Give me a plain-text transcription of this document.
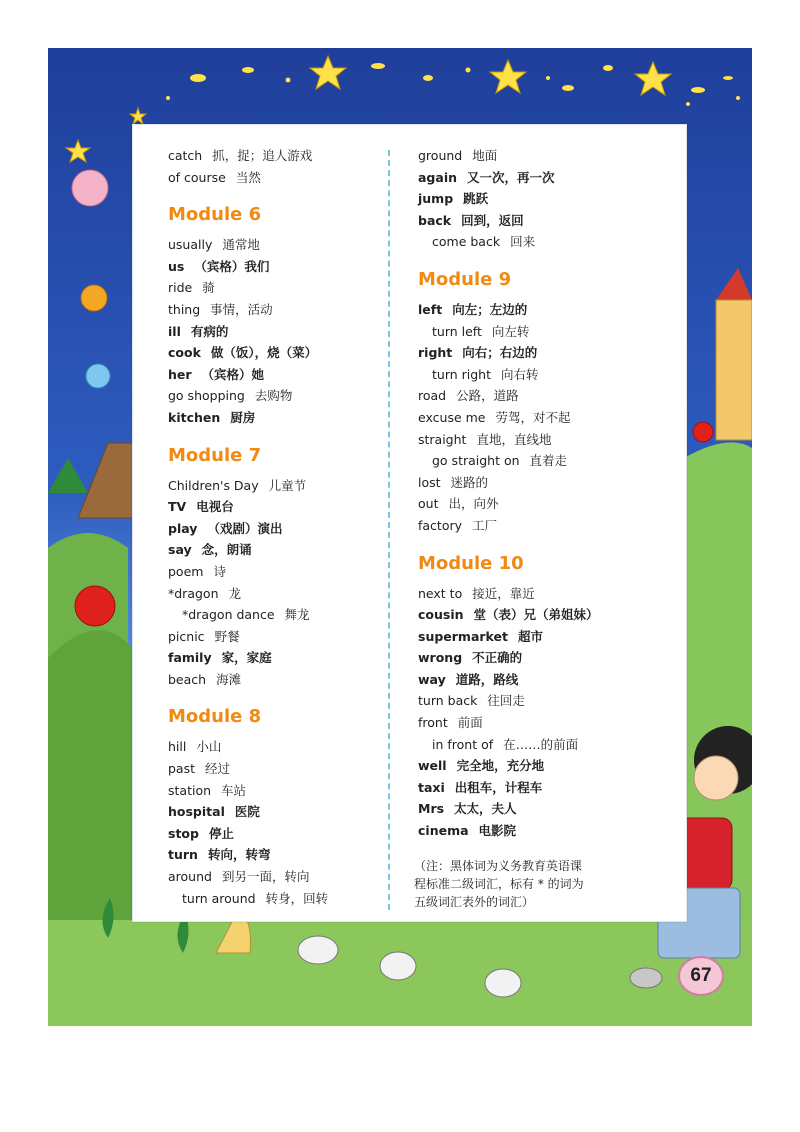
catch 抓，捉；追人游戏
of course 当然
Module 6
usually 通常地
us （宾格）我们
ride 骑
thing 事情，活动
ill 有病的
cook 做（饭），烧（菜）
her （宾格）她
go shopping 去购物
kitchen 厨房
Module 7
Children's Day 儿童节
TV 电视台
play （戏剧）演出
say 念，朗诵
poem 诗
*dragon 龙
*dragon dance 舞龙
picnic 野餐
family 家，家庭
beach 海滩
Module 8
hill 小山
past 经过
station 车站
hospital 医院
stop 停止
turn 转向，转弯
around 到另一面，转向
turn around 转身，回转
ground 地面
again 又一次，再一次
jump 跳跃
back 回到，返回
come back 回来
Module 9
left 向左；左边的
turn left 向左转
right 向右；右边的
turn right 向右转
road 公路，道路
excuse me 劳驾，对不起
straight 直地，直线地
go straight on 直着走
lost 迷路的
out 出，向外
factory 工厂
Module 10
next to 接近，靠近
cousin 堂（表）兄（弟姐妹）
supermarket 超市
wrong 不正确的
way 道路，路线
turn back 往回走
front 前面
in front of 在……的前面
well 完全地，充分地
taxi 出租车，计程车
Mrs 太太，夫人
cinema 电影院
（注：黑体词为义务教育英语课
程标准二级词汇，标有 * 的词为
五级词汇表外的词汇）
67
